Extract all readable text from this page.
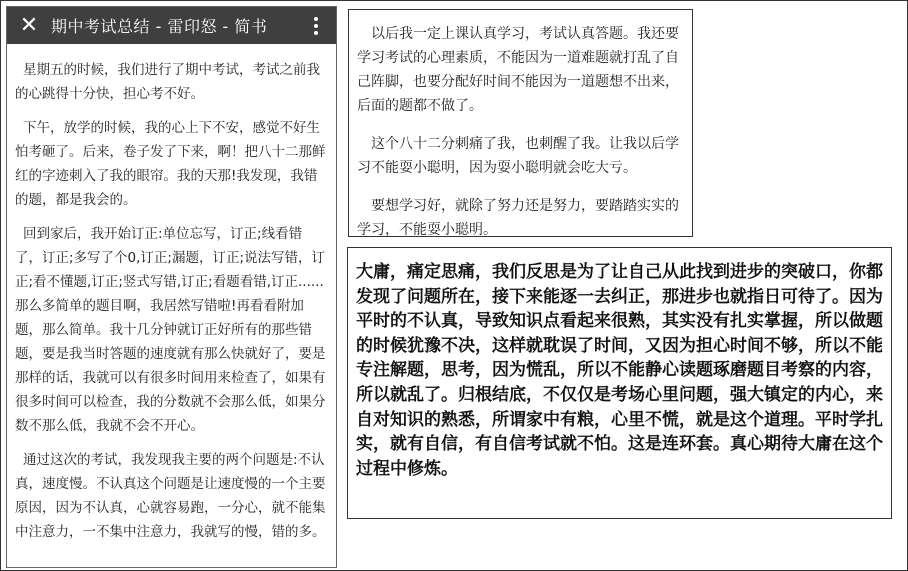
✕ 期中考试总结 - 雷印怒 - 简书

星期五的时候，我们进行了期中考试，考试之前我的心跳得十分快，担心考不好。

下午，放学的时候，我的心上下不安，感觉不好生怕考砸了。后来，卷子发了下来，啊！把八十二那鲜红的字迹刺入了我的眼帘。我的天那!我发现，我错的题，都是我会的。

回到家后，我开始订正:单位忘写，订正;线看错了，订正;多写了个0,订正;漏题，订正;说法写错，订正;看不懂题,订正;竖式写错,订正;看题看错,订正......那么多简单的题目啊，我居然写错啦!再看看附加题，那么简单。我十几分钟就订正好所有的那些错题，要是我当时答题的速度就有那么快就好了，要是那样的话，我就可以有很多时间用来检查了，如果有很多时间可以检查，我的分数就不会那么低，如果分数不那么低，我就不会不开心。

通过这次的考试，我发现我主要的两个问题是:不认真，速度慢。不认真这个问题是让速度慢的一个主要原因，因为不认真，心就容易跑，一分心，就不能集中注意力，一不集中注意力，我就写的慢，错的多。

以后我一定上课认真学习，考试认真答题。我还要学习考试的心理素质，不能因为一道难题就打乱了自己阵脚，也要分配好时间不能因为一道题想不出来，后面的题都不做了。

这个八十二分刺痛了我，也刺醒了我。让我以后学习不能耍小聪明，因为耍小聪明就会吃大亏。

要想学习好，就除了努力还是努力，要踏踏实实的学习，不能耍小聪明。

大庸，痛定思痛，我们反思是为了让自己从此找到进步的突破口，你都发现了问题所在，接下来能逐一去纠正，那进步也就指日可待了。因为平时的不认真，导致知识点看起来很熟，其实没有扎实掌握，所以做题的时候犹豫不决，这样就耽误了时间，又因为担心时间不够，所以不能专注解题，思考，因为慌乱，所以不能静心读题琢磨题目考察的内容，所以就乱了。归根结底，不仅仅是考场心里问题，强大镇定的内心，来自对知识的熟悉，所谓家中有粮，心里不慌，就是这个道理。平时学扎实，就有自信，有自信考试就不怕。这是连环套。真心期待大庸在这个过程中修炼。
